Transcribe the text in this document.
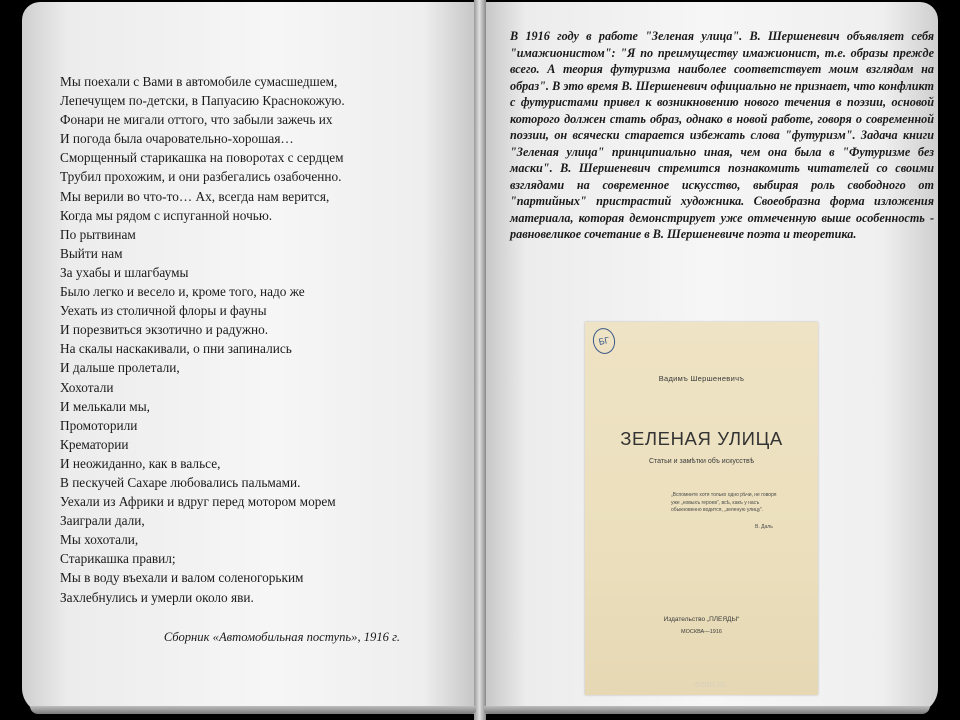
Мы поехали с Вами в автомобиле сумасшедшем,
Лепечущем по-детски, в Папуасию Краснокожую.
Фонари не мигали оттого, что забыли зажечь их
И погода была очаровательно-хорошая…
Сморщенный старикашка на поворотах с сердцем
Трубил прохожим, и они разбегались озабоченно.
Мы верили во что-то… Ах, всегда нам верится,
Когда мы рядом с испуганной ночью.
По рытвинам
Выйти нам
За ухабы и шлагбаумы
Было легко и весело и, кроме того, надо же
Уехать из столичной флоры и фауны
И порезвиться экзотично и радужно.
На скалы наскакивали, о пни запинались
И дальше пролетали,
Хохотали
И мелькали мы,
Промоторили
Крематории
И неожиданно, как в вальсе,
В пескучей Сахаре любовались пальмами.
Уехали из Африки и вдруг перед мотором морем
Заиграли дали,
Мы хохотали,
Старикашка правил;
Мы в воду въехали и валом соленогорьким
Захлебнулись и умерли около яви.
Сборник «Автомобильная поступь», 1916 г.
В 1916 году в работе "Зеленая улица". В. Шершеневич объявляет себя "имажионистом": "Я по преимуществу имажионист, т.е. образы прежде всего. А теория футуризма наиболее соответствует моим взглядам на образ". В это время В. Шершеневич официально не признает, что конфликт с футуристами привел к возникновению нового течения в поэзии, основой которого должен стать образ, однако в новой работе, говоря о современной поэзии, он всячески старается избежать слова "футуризм". Задача книги "Зеленая улица" принципиально иная, чем она была в "Футуризме без маски". В. Шершеневич стремится познакомить читателей со своими взглядами на современное искусство, выбирая роль свободного от "партийных" пристрастий художника. Своеобразна форма изложения материала, которая демонстрирует уже отмеченную выше особенность - равновеликое сочетание в В. Шершеневиче поэта и теоретика.
БГ
Вадимъ Шершеневичъ
ЗЕЛЕНАЯ УЛИЦА
Статьи и замѣтки объ искусствѣ
„Вспомните хотя только одно рѣчи, не говоря уже „новыхъ героев“, всѣ, какъ у насъ обыкновенно водится, „зеленую улицу“.
В. Даль
Издательство „ПЛЕЯДЫ“
МОСКВА—1916
ozon.ru
